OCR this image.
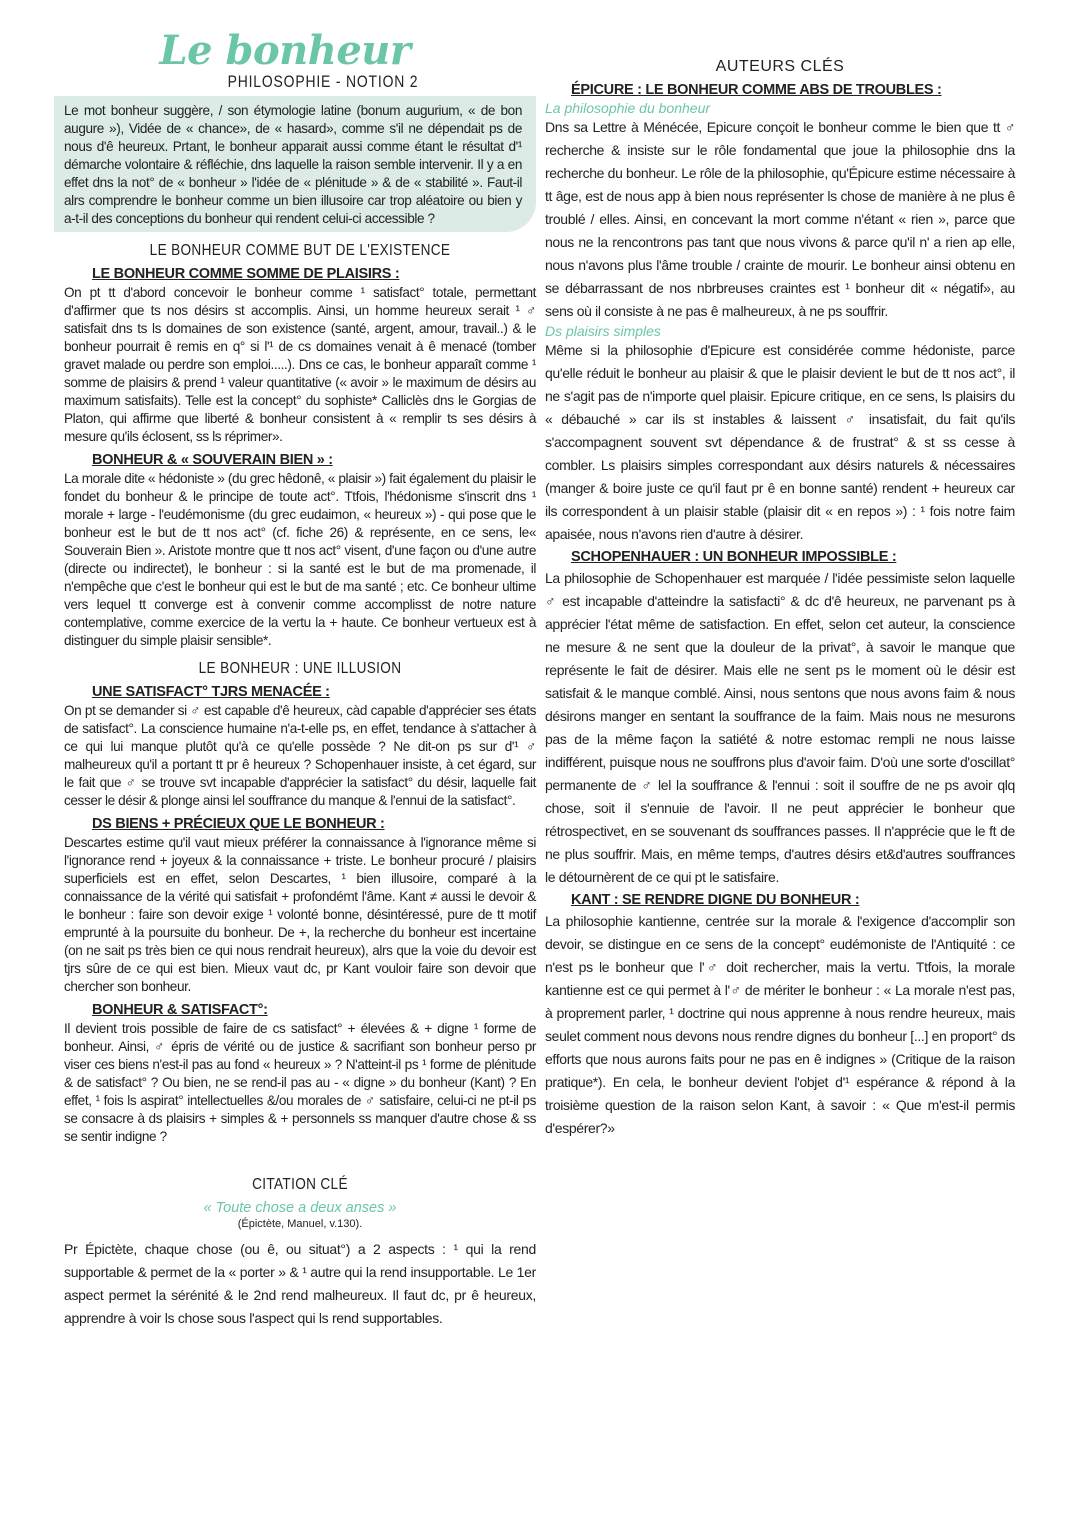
Le bonheur
PHILOSOPHIE - NOTION 2

Le mot bonheur suggère, / son étymologie latine (bonum augurium, « de bon augure »), Vidée de « chance», de « hasard», comme s'il ne dépendait ps de nous d'ê heureux. Prtant, le bonheur apparait aussi comme étant le résultat d'¹ démarche volontaire & réfléchie, dns laquelle la raison semble intervenir. Il y a en effet dns la not° de « bonheur » l'idée de « plénitude » & de « stabilité ». Faut-il alrs comprendre le bonheur comme un bien illusoire car trop aléatoire ou bien y a-t-il des conceptions du bonheur qui rendent celui-ci accessible ?

LE BONHEUR COMME BUT DE L'EXISTENCE
LE BONHEUR COMME SOMME DE PLAISIRS :

On pt tt d'abord concevoir le bonheur comme ¹ satisfact° totale, permettant d'affirmer que ts nos désirs st accomplis. Ainsi, un homme heureux serait ¹ ♂ satisfait dns ts ls domaines de son existence (santé, argent, amour, travail..) & le bonheur pourrait ê remis en q° si l'¹ de cs domaines venait à ê menacé (tomber gravet malade ou perdre son emploi.....). Dns ce cas, le bonheur apparaît comme ¹ somme de plaisirs & prend ¹ valeur quantitative (« avoir » le maximum de désirs au maximum satisfaits). Telle est la concept° du sophiste* Calliclès dns le Gorgias de Platon, qui affirme que liberté & bonheur consistent à « remplir ts ses désirs à mesure qu'ils éclosent, ss ls réprimer».

BONHEUR & « SOUVERAIN BIEN » :

La morale dite « hédoniste » (du grec hêdonê, « plaisir ») fait également du plaisir le fondet du bonheur & le principe de toute act°. Ttfois, l'hédonisme s'inscrit dns ¹ morale + large - l'eudémonisme (du grec eudaimon, « heureux ») - qui pose que le bonheur est le but de tt nos act° (cf. fiche 26) & représente, en ce sens, le« Souverain Bien ». Aristote montre que tt nos act° visent, d'une façon ou d'une autre (directe ou indirectet), le bonheur : si la santé est le but de ma promenade, il n'empêche que c'est le bonheur qui est le but de ma santé ; etc. Ce bonheur ultime vers lequel tt converge est à convenir comme accomplisst de notre nature contemplative, comme exercice de la vertu la + haute. Ce bonheur vertueux est à distinguer du simple plaisir sensible*.

LE BONHEUR : UNE ILLUSION
UNE SATISFACT° TJRS MENACÉE :

On pt se demander si ♂ est capable d'ê heureux, càd capable d'apprécier ses états de satisfact°. La conscience humaine n'a-t-elle ps, en effet, tendance à s'attacher à ce qui lui manque plutôt qu'à ce qu'elle possède ? Ne dit-on ps sur d'¹ ♂ malheureux qu'il a portant tt pr ê heureux ? Schopenhauer insiste, à cet égard, sur le fait que ♂ se trouve svt incapable d'apprécier la satisfact° du désir, laquelle fait cesser le désir & plonge ainsi lel souffrance du manque & l'ennui de la satisfact°.

DS BIENS + PRÉCIEUX QUE LE BONHEUR :

Descartes estime qu'il vaut mieux préférer la connaissance à l'ignorance même si l'ignorance rend + joyeux & la connaissance + triste. Le bonheur procuré / plaisirs superficiels est en effet, selon Descartes, ¹ bien illusoire, comparé à la connaissance de la vérité qui satisfait + profondémt l'âme. Kant ≠ aussi le devoir & le bonheur : faire son devoir exige ¹ volonté bonne, désintéressé, pure de tt motif emprunté à la poursuite du bonheur. De +, la recherche du bonheur est incertaine (on ne sait ps très bien ce qui nous rendrait heureux), alrs que la voie du devoir est tjrs sûre de ce qui est bien. Mieux vaut dc, pr Kant vouloir faire son devoir que chercher son bonheur.

BONHEUR & SATISFACT°:

Il devient trois possible de faire de cs satisfact° + élevées & + digne ¹ forme de bonheur. Ainsi, ♂ épris de vérité ou de justice & sacrifiant son bonheur perso pr viser ces biens n'est-il pas au fond « heureux » ? N'atteint-il ps ¹ forme de plénitude & de satisfact° ? Ou bien, ne se rend-il pas au - « digne » du bonheur (Kant) ? En effet, ¹ fois ls aspirat° intellectuelles &/ou morales de ♂ satisfaire, celui-ci ne pt-il ps se consacre à ds plaisirs + simples & + personnels ss manquer d'autre chose & ss se sentir indigne ?

CITATION CLÉ

« Toute chose a deux anses »

(Épictète, Manuel, v.130).

Pr Épictète, chaque chose (ou ê, ou situat°) a 2 aspects : ¹ qui la rend supportable & permet de la « porter » & ¹ autre qui la rend insupportable. Le 1er aspect permet la sérénité & le 2nd rend malheureux. Il faut dc, pr ê heureux, apprendre à voir ls chose sous l'aspect qui ls rend supportables.

AUTEURS CLÉS
ÉPICURE : LE BONHEUR COMME ABS DE TROUBLES :

La philosophie du bonheur

Dns sa Lettre à Ménécée, Epicure conçoit le bonheur comme le bien que tt ♂ recherche & insiste sur le rôle fondamental que joue la philosophie dns la recherche du bonheur. Le rôle de la philosophie, qu'Épicure estime nécessaire à tt âge, est de nous app à bien nous représenter ls chose de manière à ne plus ê troublé / elles. Ainsi, en concevant la mort comme n'étant « rien », parce que nous ne la rencontrons pas tant que nous vivons & parce qu'il n' a rien ap elle, nous n'avons plus l'âme trouble / crainte de mourir. Le bonheur ainsi obtenu en se débarrassant de nos nbrbreuses craintes est ¹ bonheur dit « négatif», au sens où il consiste à ne pas ê malheureux, à ne ps souffrir.

Ds plaisirs simples

Même si la philosophie d'Epicure est considérée comme hédoniste, parce qu'elle réduit le bonheur au plaisir & que le plaisir devient le but de tt nos act°, il ne s'agit pas de n'importe quel plaisir. Epicure critique, en ce sens, ls plaisirs du « débauché » car ils st instables & laissent ♂ insatisfait, du fait qu'ils s'accompagnent souvent svt dépendance & de frustrat° & st ss cesse à combler. Ls plaisirs simples correspondant aux désirs naturels & nécessaires (manger & boire juste ce qu'il faut pr ê en bonne santé) rendent + heureux car ils correspondent à un plaisir stable (plaisir dit « en repos ») : ¹ fois notre faim apaisée, nous n'avons rien d'autre à désirer.

SCHOPENHAUER : UN BONHEUR IMPOSSIBLE :

La philosophie de Schopenhauer est marquée / l'idée pessimiste selon laquelle ♂ est incapable d'atteindre la satisfacti° & dc d'ê heureux, ne parvenant ps à apprécier l'état même de satisfaction. En effet, selon cet auteur, la conscience ne mesure & ne sent que la douleur de la privat°, à savoir le manque que représente le fait de désirer. Mais elle ne sent ps le moment où le désir est satisfait & le manque comblé. Ainsi, nous sentons que nous avons faim & nous désirons manger en sentant la souffrance de la faim. Mais nous ne mesurons pas de la même façon la satiété & notre estomac rempli ne nous laisse indifférent, puisque nous ne souffrons plus d'avoir faim. D'où une sorte d'oscillat° permanente de ♂ lel la souffrance & l'ennui : soit il souffre de ne ps avoir qlq chose, soit il s'ennuie de l'avoir. Il ne peut apprécier le bonheur que rétrospectivet, en se souvenant ds souffrances passes. Il n'apprécie que le ft de ne plus souffrir. Mais, en même temps, d'autres désirs et&d'autres souffrances le détournèrent de ce qui pt le satisfaire.

KANT : SE RENDRE DIGNE DU BONHEUR :

La philosophie kantienne, centrée sur la morale & l'exigence d'accomplir son devoir, se distingue en ce sens de la concept° eudémoniste de l'Antiquité : ce n'est ps le bonheur que l'♂ doit rechercher, mais la vertu. Ttfois, la morale kantienne est ce qui permet à l'♂ de mériter le bonheur : « La morale n'est pas, à proprement parler, ¹ doctrine qui nous apprenne à nous rendre heureux, mais seulet comment nous devons nous rendre dignes du bonheur [...] en proport° ds efforts que nous aurons faits pour ne pas en ê indignes » (Critique de la raison pratique*). En cela, le bonheur devient l'objet d'¹ espérance & répond à la troisième question de la raison selon Kant, à savoir : « Que m'est-il permis d'espérer?»
